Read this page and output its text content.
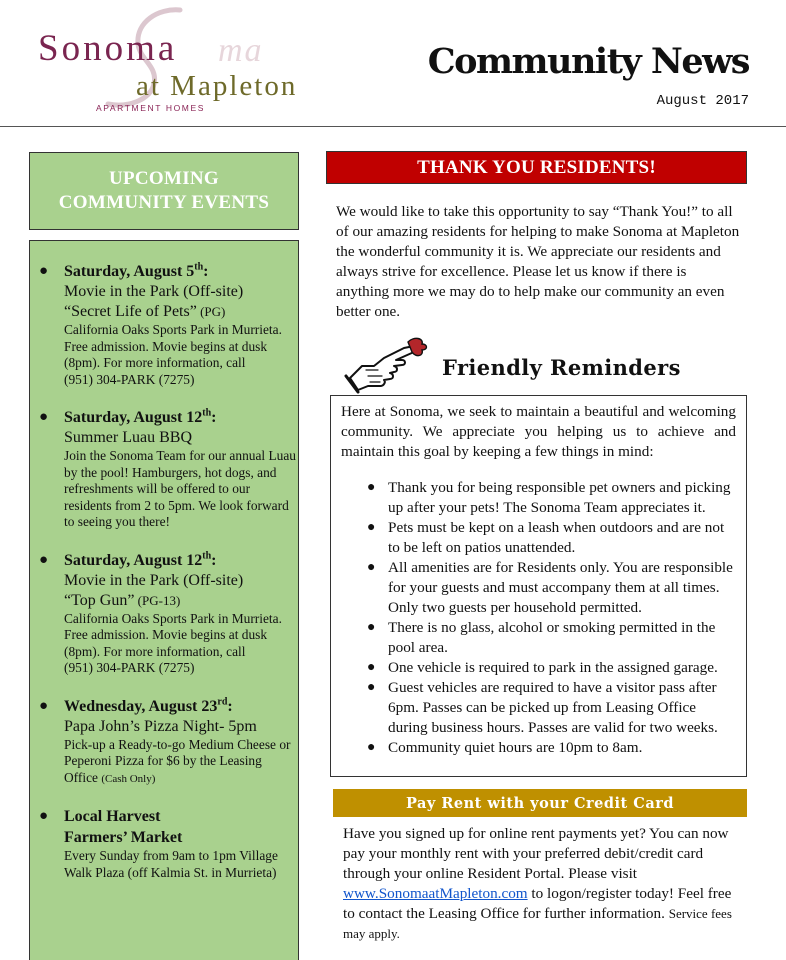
ma
Sonoma
at Mapleton
APARTMENT HOMES
Community News
August 2017
UPCOMING
COMMUNITY EVENTS
● Saturday, August 5th:
Movie in the Park (Off-site)
“Secret Life of Pets” (PG)
California Oaks Sports Park in Murrieta. Free admission. Movie begins at dusk (8pm). For more information, call
(951) 304-PARK (7275)
● Saturday, August 12th:
Summer Luau BBQ
Join the Sonoma Team for our annual Luau by the pool! Hamburgers, hot dogs, and refreshments will be offered to our residents from 2 to 5pm. We look forward to seeing you there!
● Saturday, August 12th:
Movie in the Park (Off-site)
“Top Gun” (PG-13)
California Oaks Sports Park in Murrieta. Free admission. Movie begins at dusk (8pm). For more information, call
(951) 304-PARK (7275)
● Wednesday, August 23rd:
Papa John’s Pizza Night- 5pm
Pick-up a Ready-to-go Medium Cheese or Peperoni Pizza for $6 by the Leasing Office (Cash Only)
● Local Harvest
Farmers’ Market
Every Sunday from 9am to 1pm Village Walk Plaza (off Kalmia St. in Murrieta)
THANK YOU RESIDENTS!

We would like to take this opportunity to say “Thank You!” to all of our amazing residents for helping to make Sonoma at Mapleton the wonderful community it is. We appreciate our residents and always strive for excellence. Please let us know if there is anything more we may do to help make our community an even better one.

Friendly Reminders

Here at Sonoma, we seek to maintain a beautiful and welcoming community. We appreciate you helping us to achieve and maintain this goal by keeping a few things in mind:

● Thank you for being responsible pet owners and picking up after your pets! The Sonoma Team appreciates it.
● Pets must be kept on a leash when outdoors and are not to be left on patios unattended.
● All amenities are for Residents only. You are responsible for your guests and must accompany them at all times. Only two guests per household permitted.
● There is no glass, alcohol or smoking permitted in the pool area.
● One vehicle is required to park in the assigned garage.
● Guest vehicles are required to have a visitor pass after 6pm. Passes can be picked up from Leasing Office during business hours. Passes are valid for two weeks.
● Community quiet hours are 10pm to 8am.
Pay Rent with your Credit Card

Have you signed up for online rent payments yet? You can now pay your monthly rent with your preferred debit/credit card through your online Resident Portal. Please visit www.SonomaatMapleton.com to logon/register today! Feel free to contact the Leasing Office for further information. Service fees may apply.
